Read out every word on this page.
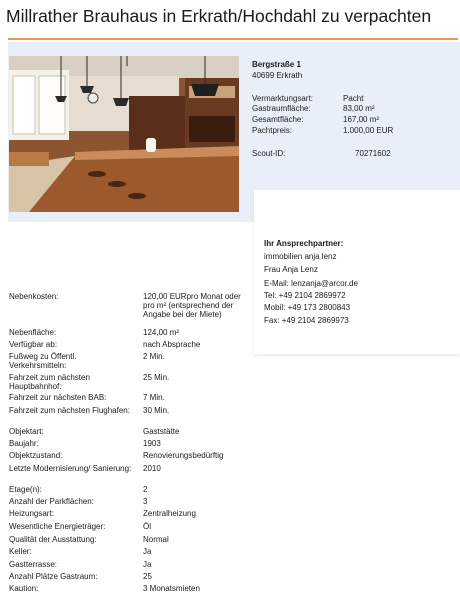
Millrather Brauhaus in Erkrath/Hochdahl zu verpachten
Bergstraße 1
40699 Erkrath
Vermarktungsart:	Pacht
Gastraumfläche:	83,00 m²
Gesamtfläche:	167,00 m²
Pachtpreis:	1.000,00 EUR
Scout-ID:	70271602
Ihr Ansprechpartner:
immobilien anja lenz
Frau Anja Lenz
E-Mail: lenzanja@arcor.de
Tel: +49 2104 2869972
Mobil: +49 173 2800843
Fax: +49 2104 2869973
Nebenkosten:	120,00 EURpro Monat oder pro m² (entsprechend der Angabe bei der Miete)
Nebenfläche:	124,00 m²
Verfügbar ab:	nach Absprache
Fußweg zu Öffentl. Verkehrsmitteln:
2 Min.
Fahrzeit zum nächsten Hauptbahnhof:
25 Min.
Fahrzeit zur nächsten BAB:	7 Min.
Fahrzeit zum nächsten Flughafen:	30 Min.
Objektart:	Gaststätte
Baujahr:	1903
Objektzustand:	Renovierungsbedürftig
Letzte Modernisierung/ Sanierung:	2010
Etage(n):	2
Anzahl der Parkflächen:	3
Heizungsart:	Zentralheizung
Wesentliche Energieträger:	Öl
Qualität der Ausstattung:	Normal
Keller:	Ja
Gastterrasse:	Ja
Anzahl Plätze Gastraum:	25
Kaution:	3 Monatsmieten
